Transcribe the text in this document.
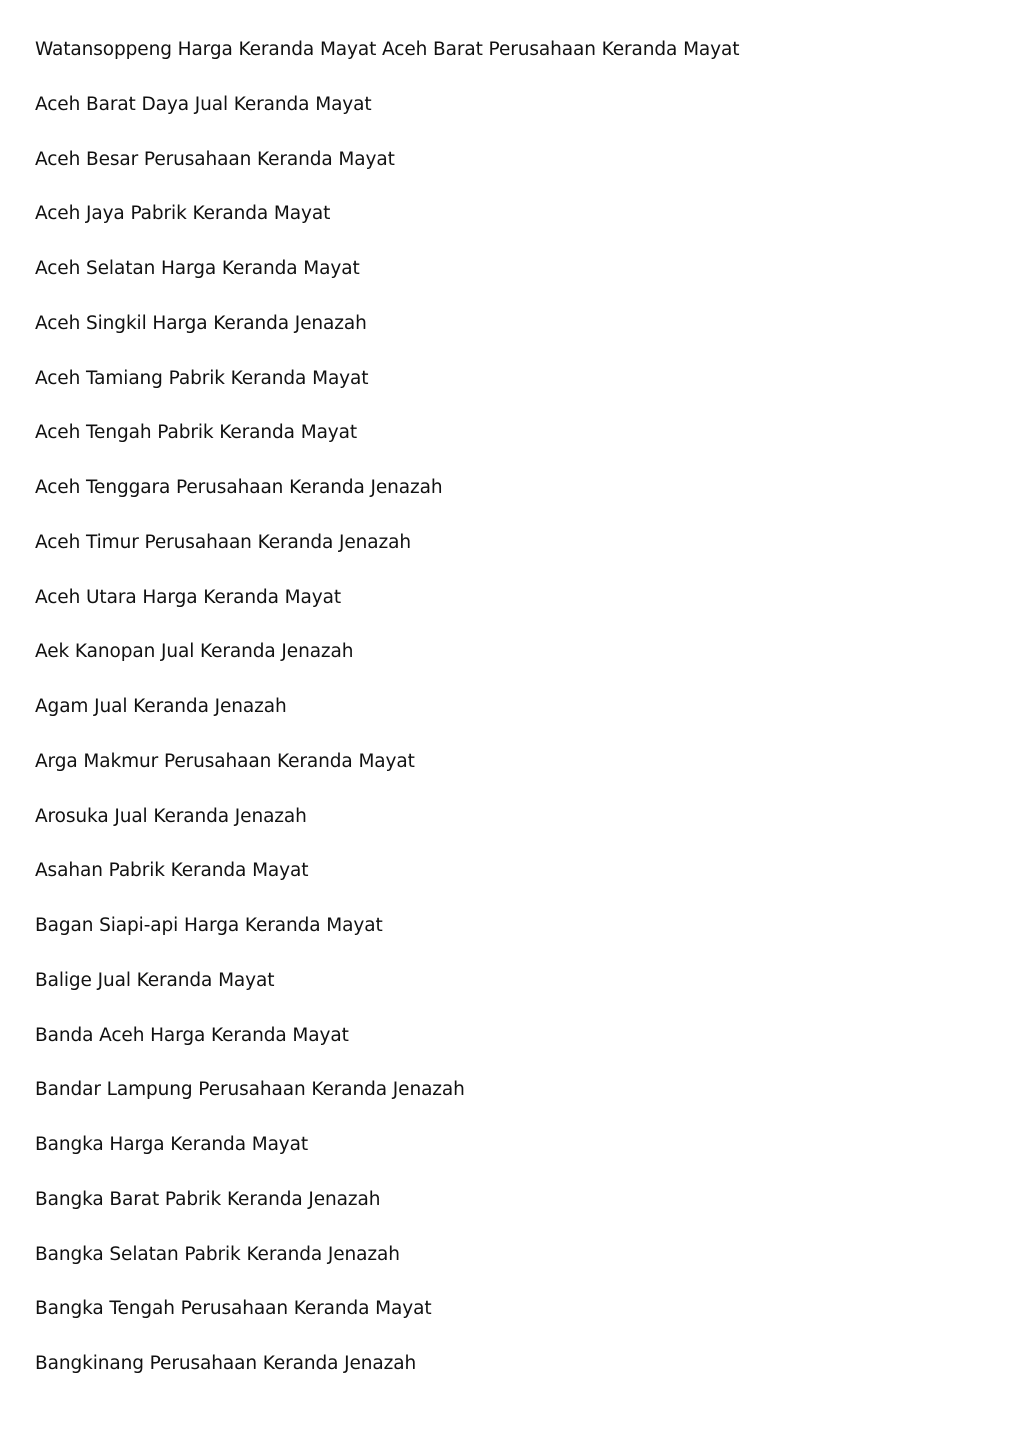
Watansoppeng Harga Keranda Mayat Aceh Barat Perusahaan Keranda Mayat
Aceh Barat Daya Jual Keranda Mayat
Aceh Besar Perusahaan Keranda Mayat
Aceh Jaya Pabrik Keranda Mayat
Aceh Selatan Harga Keranda Mayat
Aceh Singkil Harga Keranda Jenazah
Aceh Tamiang Pabrik Keranda Mayat
Aceh Tengah Pabrik Keranda Mayat
Aceh Tenggara Perusahaan Keranda Jenazah
Aceh Timur Perusahaan Keranda Jenazah
Aceh Utara Harga Keranda Mayat
Aek Kanopan Jual Keranda Jenazah
Agam Jual Keranda Jenazah
Arga Makmur Perusahaan Keranda Mayat
Arosuka Jual Keranda Jenazah
Asahan Pabrik Keranda Mayat
Bagan Siapi-api Harga Keranda Mayat
Balige Jual Keranda Mayat
Banda Aceh Harga Keranda Mayat
Bandar Lampung Perusahaan Keranda Jenazah
Bangka Harga Keranda Mayat
Bangka Barat Pabrik Keranda Jenazah
Bangka Selatan Pabrik Keranda Jenazah
Bangka Tengah Perusahaan Keranda Mayat
Bangkinang Perusahaan Keranda Jenazah
